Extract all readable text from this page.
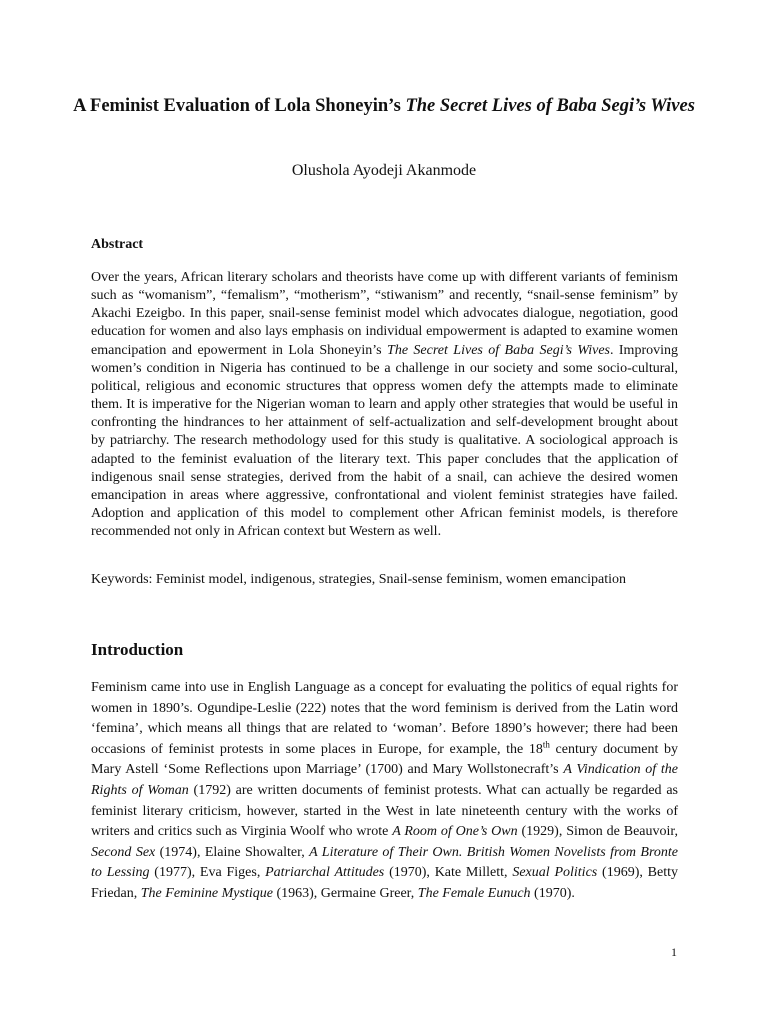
A Feminist Evaluation of Lola Shoneyin’s The Secret Lives of Baba Segi’s Wives

Olushola Ayodeji Akanmode

Abstract

Over the years, African literary scholars and theorists have come up with different variants of feminism such as “womanism”, “femalism”, “motherism”, “stiwanism” and recently, “snail-sense feminism” by Akachi Ezeigbo. In this paper, snail-sense feminist model which advocates dialogue, negotiation, good education for women and also lays emphasis on individual empowerment is adapted to examine women emancipation and epowerment in Lola Shoneyin’s The Secret Lives of Baba Segi’s Wives. Improving women’s condition in Nigeria has continued to be a challenge in our society and some socio-cultural, political, religious and economic structures that oppress women defy the attempts made to eliminate them. It is imperative for the Nigerian woman to learn and apply other strategies that would be useful in confronting the hindrances to her attainment of self-actualization and self-development brought about by patriarchy. The research methodology used for this study is qualitative. A sociological approach is adapted to the feminist evaluation of the literary text. This paper concludes that the application of indigenous snail sense strategies, derived from the habit of a snail, can achieve the desired women emancipation in areas where aggressive, confrontational and violent feminist strategies have failed. Adoption and application of this model to complement other African feminist models, is therefore recommended not only in African context but Western as well.

Keywords: Feminist model, indigenous, strategies, Snail-sense feminism, women emancipation

Introduction

Feminism came into use in English Language as a concept for evaluating the politics of equal rights for women in 1890’s. Ogundipe-Leslie (222) notes that the word feminism is derived from the Latin word ‘femina’, which means all things that are related to ‘woman’. Before 1890’s however; there had been occasions of feminist protests in some places in Europe, for example, the 18th century document by Mary Astell ‘Some Reflections upon Marriage’ (1700) and Mary Wollstonecraft’s A Vindication of the Rights of Woman (1792) are written documents of feminist protests. What can actually be regarded as feminist literary criticism, however, started in the West in late nineteenth century with the works of writers and critics such as Virginia Woolf who wrote A Room of One’s Own (1929), Simon de Beauvoir, Second Sex (1974), Elaine Showalter, A Literature of Their Own. British Women Novelists from Bronte to Lessing (1977), Eva Figes, Patriarchal Attitudes (1970), Kate Millett, Sexual Politics (1969), Betty Friedan, The Feminine Mystique (1963), Germaine Greer, The Female Eunuch (1970).

1
